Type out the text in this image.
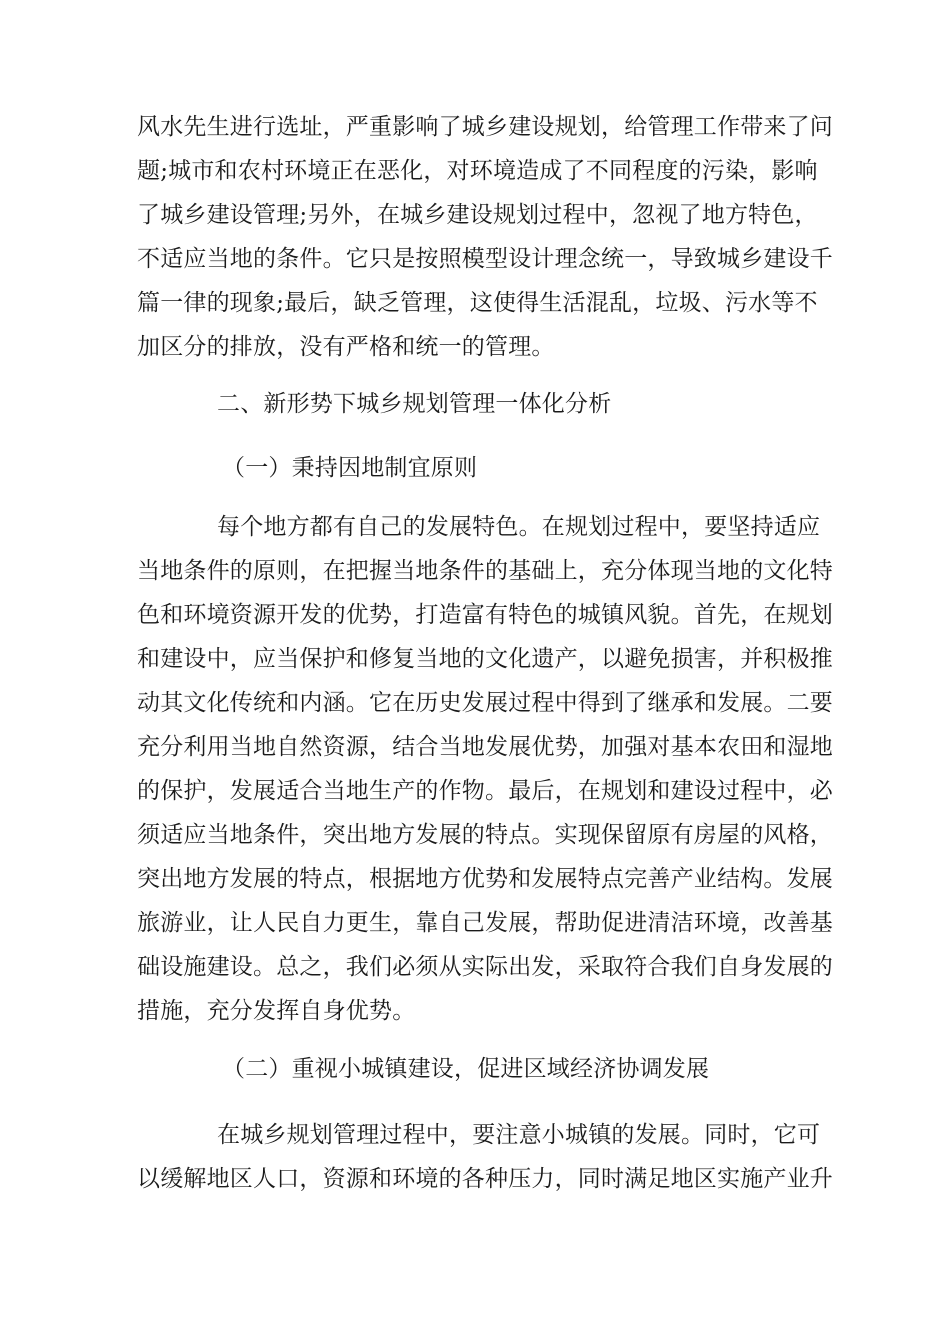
风水先生进行选址，严重影响了城乡建设规划，给管理工作带来了问
题;城市和农村环境正在恶化，对环境造成了不同程度的污染，影响
了城乡建设管理;另外，在城乡建设规划过程中，忽视了地方特色，
不适应当地的条件。它只是按照模型设计理念统一，导致城乡建设千
篇一律的现象;最后，缺乏管理，这使得生活混乱，垃圾、污水等不
加区分的排放，没有严格和统一的管理。
二、新形势下城乡规划管理一体化分析
（一）秉持因地制宜原则
每个地方都有自己的发展特色。在规划过程中，要坚持适应
当地条件的原则，在把握当地条件的基础上，充分体现当地的文化特
色和环境资源开发的优势，打造富有特色的城镇风貌。首先，在规划
和建设中，应当保护和修复当地的文化遗产，以避免损害，并积极推
动其文化传统和内涵。它在历史发展过程中得到了继承和发展。二要
充分利用当地自然资源，结合当地发展优势，加强对基本农田和湿地
的保护，发展适合当地生产的作物。最后，在规划和建设过程中，必
须适应当地条件，突出地方发展的特点。实现保留原有房屋的风格，
突出地方发展的特点，根据地方优势和发展特点完善产业结构。发展
旅游业，让人民自力更生，靠自己发展，帮助促进清洁环境，改善基
础设施建设。总之，我们必须从实际出发，采取符合我们自身发展的
措施，充分发挥自身优势。
（二）重视小城镇建设，促进区域经济协调发展
在城乡规划管理过程中，要注意小城镇的发展。同时，它可
以缓解地区人口，资源和环境的各种压力，同时满足地区实施产业升
